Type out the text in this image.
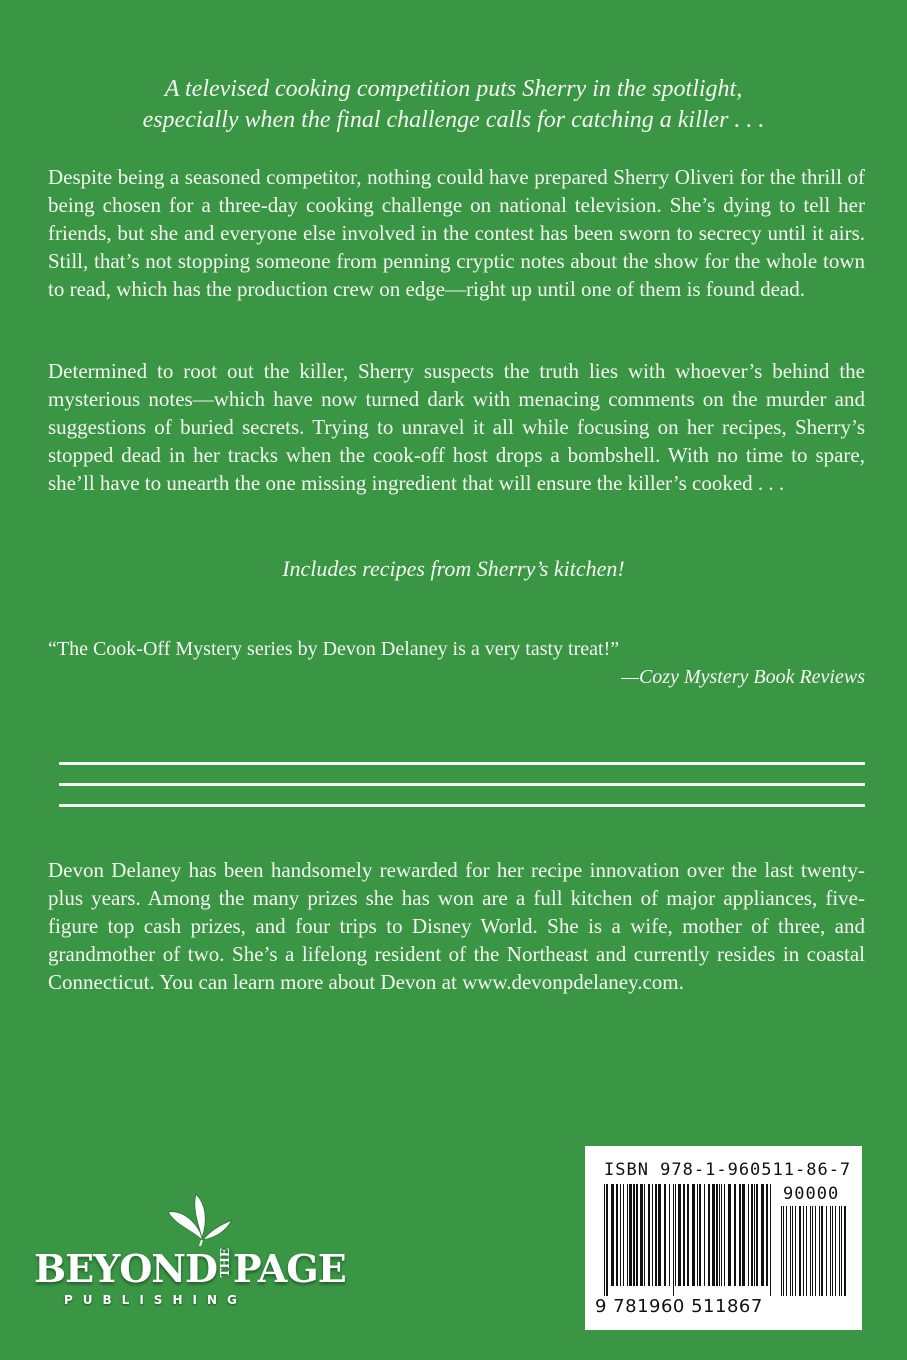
A televised cooking competition puts Sherry in the spotlight,
especially when the final challenge calls for catching a killer . . .

Despite being a seasoned competitor, nothing could have prepared Sherry Oliveri for the thrill of being chosen for a three-day cooking challenge on national television. She’s dying to tell her friends, but she and everyone else involved in the contest has been sworn to secrecy until it airs. Still, that’s not stopping someone from penning cryptic notes about the show for the whole town to read, which has the production crew on edge—right up until one of them is found dead.

Determined to root out the killer, Sherry suspects the truth lies with whoever’s behind the mysterious notes—which have now turned dark with menacing comments on the murder and suggestions of buried secrets. Trying to unravel it all while focusing on her recipes, Sherry’s stopped dead in her tracks when the cook-off host drops a bombshell. With no time to spare, she’ll have to unearth the one missing ingredient that will ensure the killer’s cooked . . .

Includes recipes from Sherry’s kitchen!
“The Cook-Off Mystery series by Devon Delaney is a very tasty treat!”
—Cozy Mystery Book Reviews

Devon Delaney has been handsomely rewarded for her recipe innovation over the last twenty-plus years. Among the many prizes she has won are a full kitchen of major appliances, five-figure top cash prizes, and four trips to Disney World. She is a wife, mother of three, and grandmother of two. She’s a lifelong resident of the Northeast and currently resides in coastal Connecticut. You can learn more about Devon at www.devonpdelaney.com.

BEYONDTHEPAGE
PUBLISHING
ISBN 978-1-960511-86-7
90000
9 781960 511867
